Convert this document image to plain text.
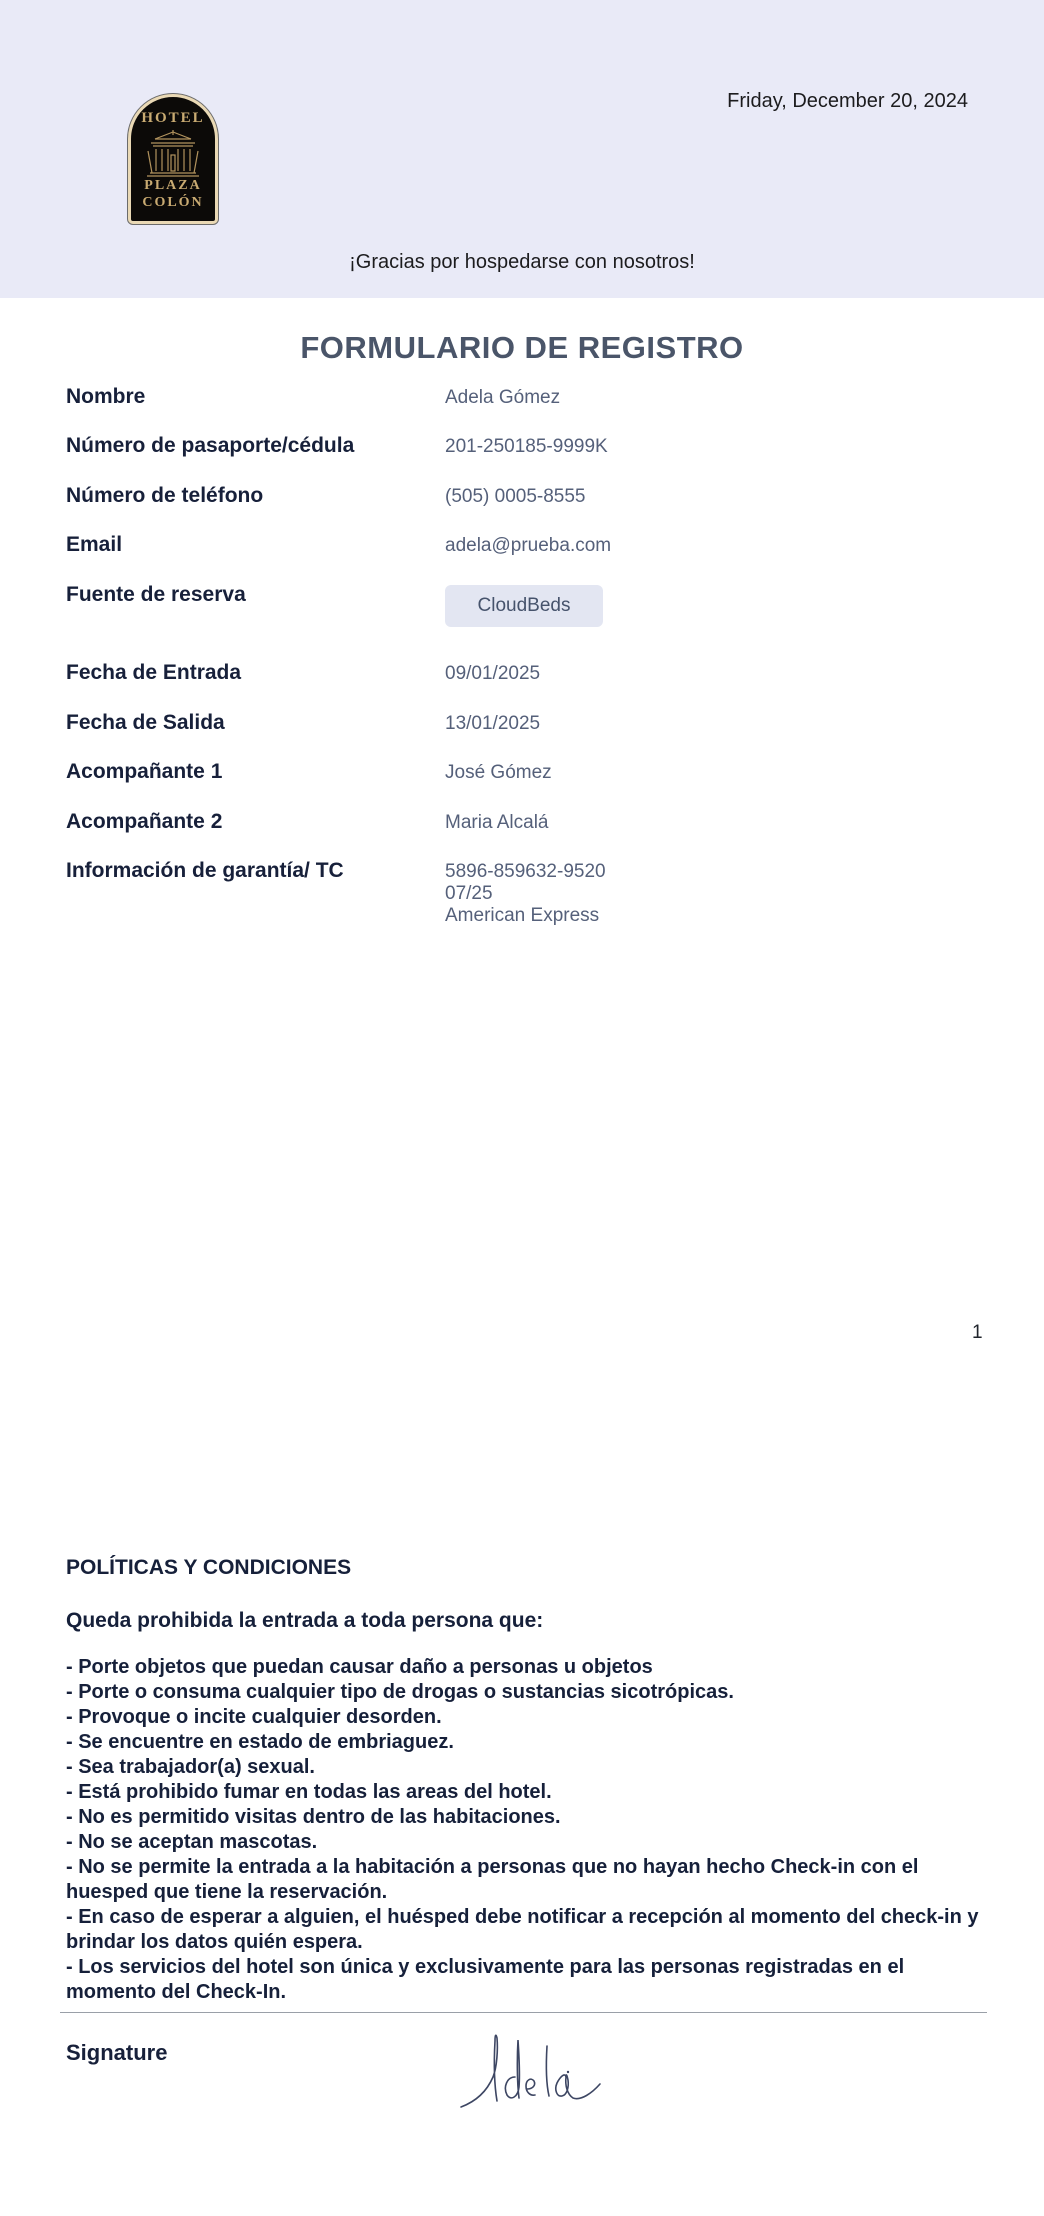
HOTEL
PLAZA
COLÓN
Friday, December 20, 2024
¡Gracias por hospedarse con nosotros!
FORMULARIO DE REGISTRO
Nombre	Adela Gómez
Número de pasaporte/cédula	201-250185-9999K
Número de teléfono	(505) 0005-8555
Email	adela@prueba.com
Fuente de reserva	CloudBeds
Fecha de Entrada	09/01/2025
Fecha de Salida	13/01/2025
Acompañante 1	José Gómez
Acompañante 2	Maria Alcalá
Información de garantía/ TC	5896-859632-9520
07/25
American Express
1
POLÍTICAS Y CONDICIONES
Queda prohibida la entrada a toda persona que:
- Porte objetos que puedan causar daño a personas u objetos
- Porte o consuma cualquier tipo de drogas o sustancias sicotrópicas.
- Provoque o incite cualquier desorden.
- Se encuentre en estado de embriaguez.
- Sea trabajador(a) sexual.
- Está prohibido fumar en todas las areas del hotel.
- No es permitido visitas dentro de las habitaciones.
- No se aceptan mascotas.
- No se permite la entrada a la habitación a personas que no hayan hecho Check-in con el huesped que tiene la reservación.
- En caso de esperar a alguien, el huésped debe notificar a recepción al momento del check-in y brindar los datos quién espera.
- Los servicios del hotel son única y exclusivamente para las personas registradas en el momento del Check-In.
Signature
